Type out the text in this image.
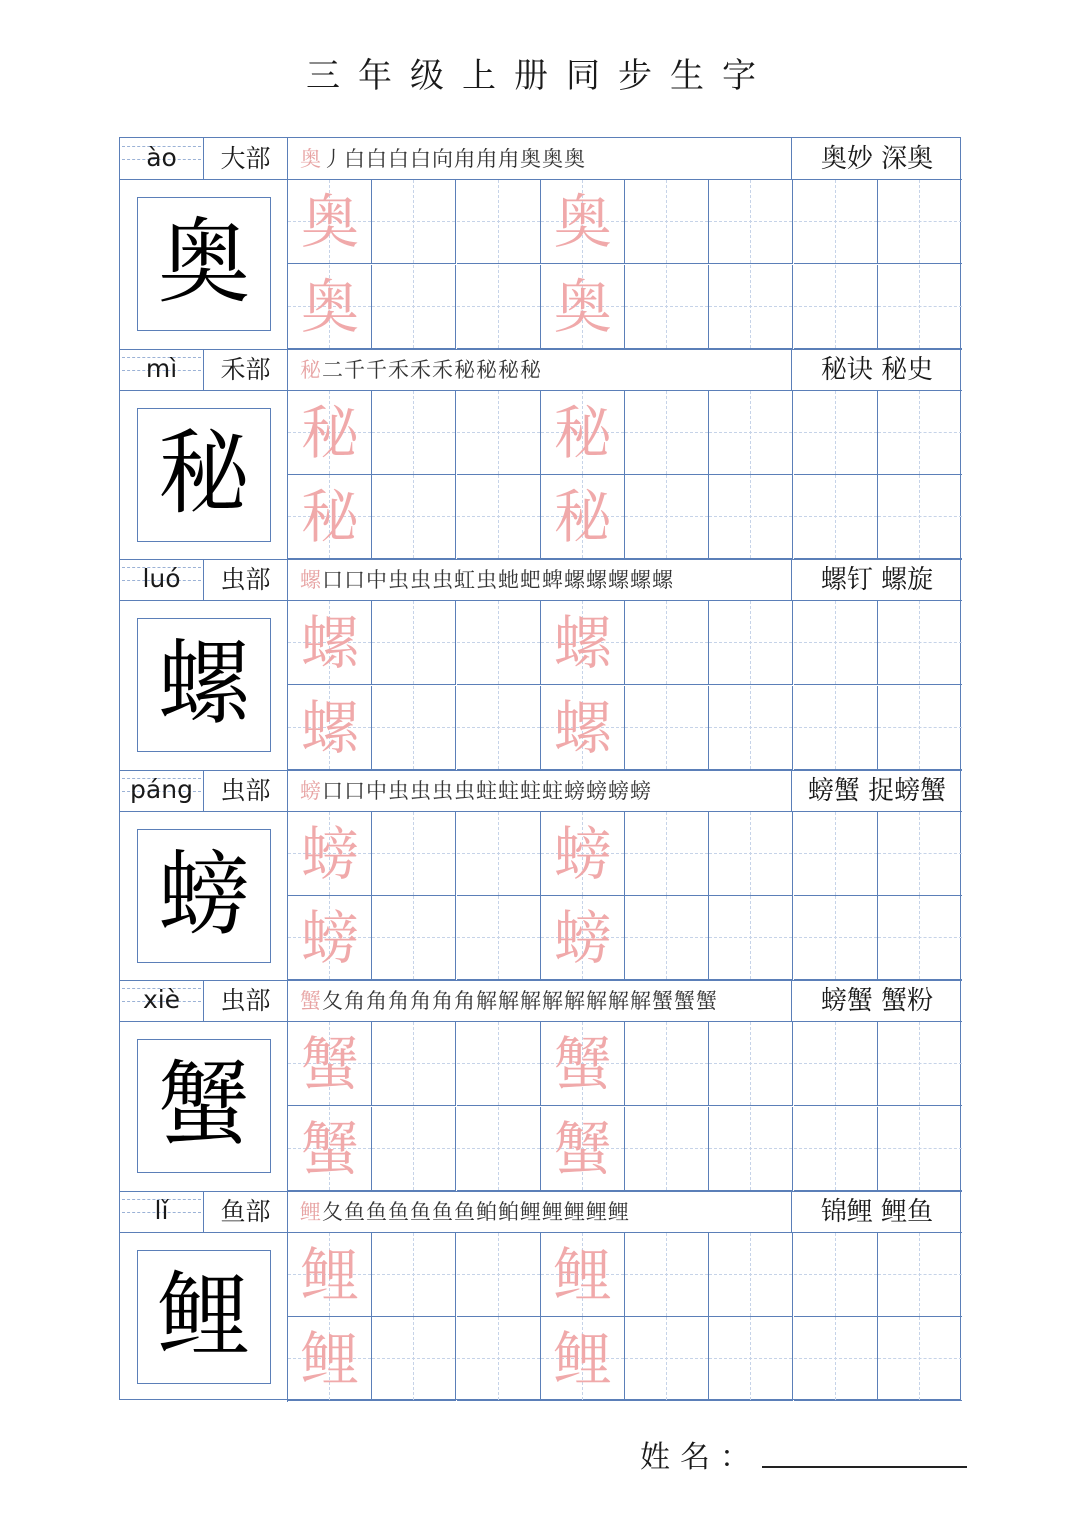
三年级上册同步生字
ào	大部	奥丿白白白白向甪甪甪奥奥奥	奥妙 深奥
奥 奥	奥
奥	奥
mì	禾部	秘二千千禾禾禾秘秘秘秘	秘诀 秘史
秘 秘	秘
秘	秘
luó	虫部	螺口口中虫虫虫虹虫虵蚆蜱螺螺螺螺螺	螺钉 螺旋
螺 螺	螺
螺	螺
páng	虫部	螃口口中虫虫虫虫蛀蛀蛀蛀螃螃螃螃	螃蟹 捉螃蟹
螃 螃	螃
螃	螃
xiè	虫部	蟹夂角角角角角角解解解解解解解解蟹蟹蟹	螃蟹 蟹粉
蟹 蟹	蟹
蟹	蟹
lǐ	鱼部	鲤夂鱼鱼鱼鱼鱼鱼鲌鲌鲤鲤鲤鲤鲤	锦鲤 鲤鱼
鲤 鲤	鲤
鲤	鲤
姓名：
